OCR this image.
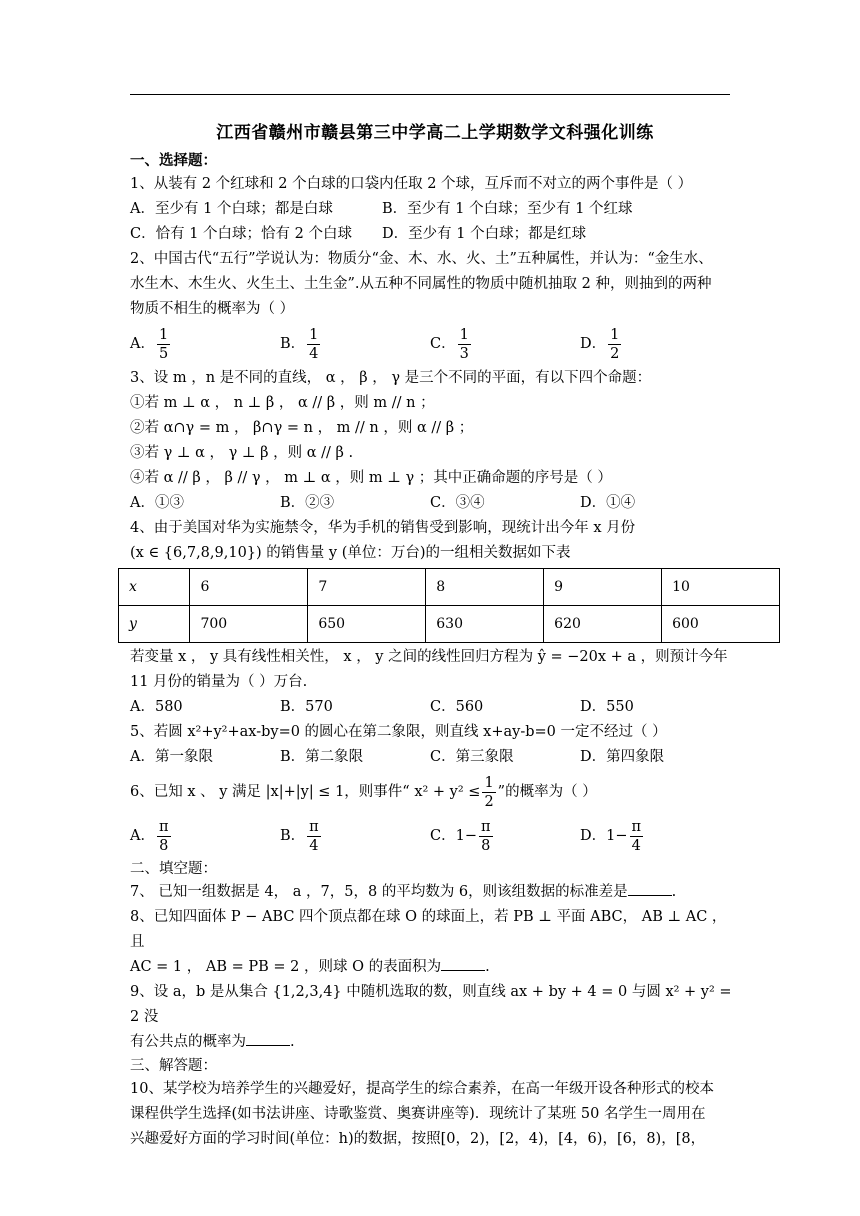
江西省赣州市赣县第三中学高二上学期数学文科强化训练
一、选择题：

1、从装有 2 个红球和 2 个白球的口袋内任取 2 个球，互斥而不对立的两个事件是（ ）

A．至少有 1 个白球；都是白球	B．至少有 1 个白球；至少有 1 个红球
C．恰有 1 个白球；恰有 2 个白球	D．至少有 1 个白球；都是红球

2、中国古代“五行”学说认为：物质分“金、木、水、火、土”五种属性，并认为：“金生水、

水生木、木生火、火生土、土生金”.从五种不同属性的物质中随机抽取 2 种，则抽到的两种

物质不相生的概率为（ ）

A． $\frac{1}{5}$	B． $\frac{1}{4}$	C． $\frac{1}{3}$	D． $\frac{1}{2}$

3、设 m ，n 是不同的直线， α ， β ， γ 是三个不同的平面，有以下四个命题：

①若 m ⊥ α ， n ⊥ β ， α // β ，则 m // n ；

②若 α∩γ = m ， β∩γ = n ， m // n ，则 α // β ；

③若 γ ⊥ α ， γ ⊥ β ，则 α // β .

④若 α // β ， β // γ ， m ⊥ α ，则 m ⊥ γ ；其中正确命题的序号是（ ）

A．①③	B．②③	C．③④	D．①④

4、由于美国对华为实施禁令，华为手机的销售受到影响，现统计出今年 x 月份

(x ∈ {6,7,8,9,10}) 的销售量 y (单位：万台)的一组相关数据如下表

x	6	7	8	9	10
y	700	650	630	620	600

若变量 x ， y 具有线性相关性， x ， y 之间的线性回归方程为 ŷ = −20x + a ，则预计今年

11 月份的销量为（ ）万台.

A．580	B．570	C．560	D．550

5、若圆 x²+y²+ax-by=0 的圆心在第二象限，则直线 x+ay-b=0 一定不经过（ ）

A．第一象限	B．第二象限	C．第三象限	D．第四象限

6、已知 x 、 y 满足 |x|+|y| ≤ 1，则事件“ $x^2 + y^2 \le \frac{1}{2}$ ”的概率为（ ）

A． $\frac{\pi}{8}$	B． $\frac{\pi}{4}$	C． $1- \frac{\pi}{8}$	D． $1- \frac{\pi}{4}$
二、填空题：

7、 已知一组数据是 4， a ，7，5，8 的平均数为 6，则该组数据的标准差是	.

8、已知四面体 P − ABC 四个顶点都在球 O 的球面上，若 PB ⊥ 平面 ABC， AB ⊥ AC ，且

AC = 1 ， AB = PB = 2 ，则球 O 的表面积为	.

9、设 a，b 是从集合 {1,2,3,4} 中随机选取的数，则直线 ax + by + 4 = 0 与圆 x² + y² = 2 没

有公共点的概率为	.

三、解答题：

10、某学校为培养学生的兴趣爱好，提高学生的综合素养，在高一年级开设各种形式的校本

课程供学生选择(如书法讲座、诗歌鉴赏、奥赛讲座等)．现统计了某班 50 名学生一周用在

兴趣爱好方面的学习时间(单位：h)的数据，按照[0，2)，[2，4)，[4，6)，[6，8)，[8，
